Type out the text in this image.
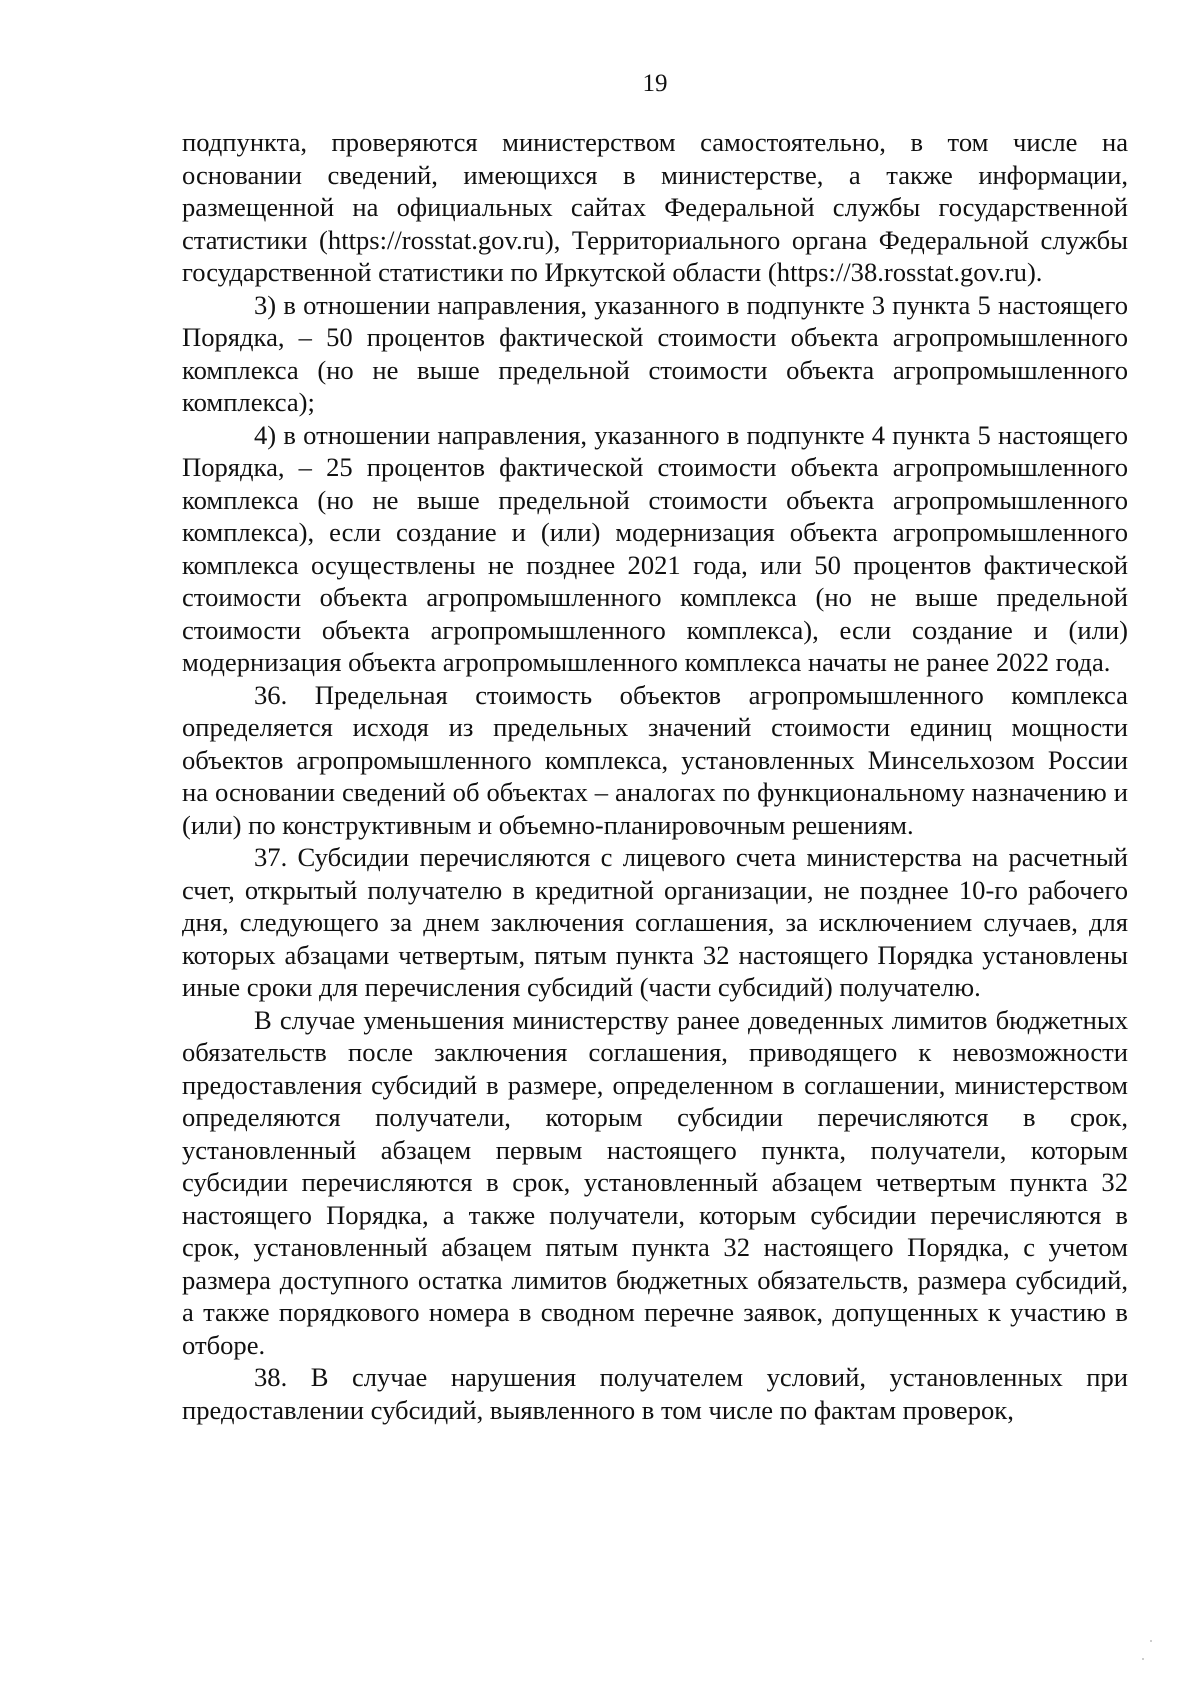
19

подпункта, проверяются министерством самостоятельно, в том числе на основании сведений, имеющихся в министерстве, а также информации, размещенной на официальных сайтах Федеральной службы государственной статистики (https://rosstat.gov.ru), Территориального органа Федеральной службы государственной статистики по Иркутской области (https://38.rosstat.gov.ru).

3) в отношении направления, указанного в подпункте 3 пункта 5 настоящего Порядка, – 50 процентов фактической стоимости объекта агропромышленного комплекса (но не выше предельной стоимости объекта агропромышленного комплекса);

4) в отношении направления, указанного в подпункте 4 пункта 5 настоящего Порядка, – 25 процентов фактической стоимости объекта агропромышленного комплекса (но не выше предельной стоимости объекта агропромышленного комплекса), если создание и (или) модернизация объекта агропромышленного комплекса осуществлены не позднее 2021 года, или 50 процентов фактической стоимости объекта агропромышленного комплекса (но не выше предельной стоимости объекта агропромышленного комплекса), если создание и (или) модернизация объекта агропромышленного комплекса начаты не ранее 2022 года.

36. Предельная стоимость объектов агропромышленного комплекса определяется исходя из предельных значений стоимости единиц мощности объектов агропромышленного комплекса, установленных Минсельхозом России на основании сведений об объектах – аналогах по функциональному назначению и (или) по конструктивным и объемно-планировочным решениям.

37. Субсидии перечисляются с лицевого счета министерства на расчетный счет, открытый получателю в кредитной организации, не позднее 10-го рабочего дня, следующего за днем заключения соглашения, за исключением случаев, для которых абзацами четвертым, пятым пункта 32 настоящего Порядка установлены иные сроки для перечисления субсидий (части субсидий) получателю.

В случае уменьшения министерству ранее доведенных лимитов бюджетных обязательств после заключения соглашения, приводящего к невозможности предоставления субсидий в размере, определенном в соглашении, министерством определяются получатели, которым субсидии перечисляются в срок, установленный абзацем первым настоящего пункта, получатели, которым субсидии перечисляются в срок, установленный абзацем четвертым пункта 32 настоящего Порядка, а также получатели, которым субсидии перечисляются в срок, установленный абзацем пятым пункта 32 настоящего Порядка, с учетом размера доступного остатка лимитов бюджетных обязательств, размера субсидий, а также порядкового номера в сводном перечне заявок, допущенных к участию в отборе.

38. В случае нарушения получателем условий, установленных при предоставлении субсидий, выявленного в том числе по фактам проверок,
